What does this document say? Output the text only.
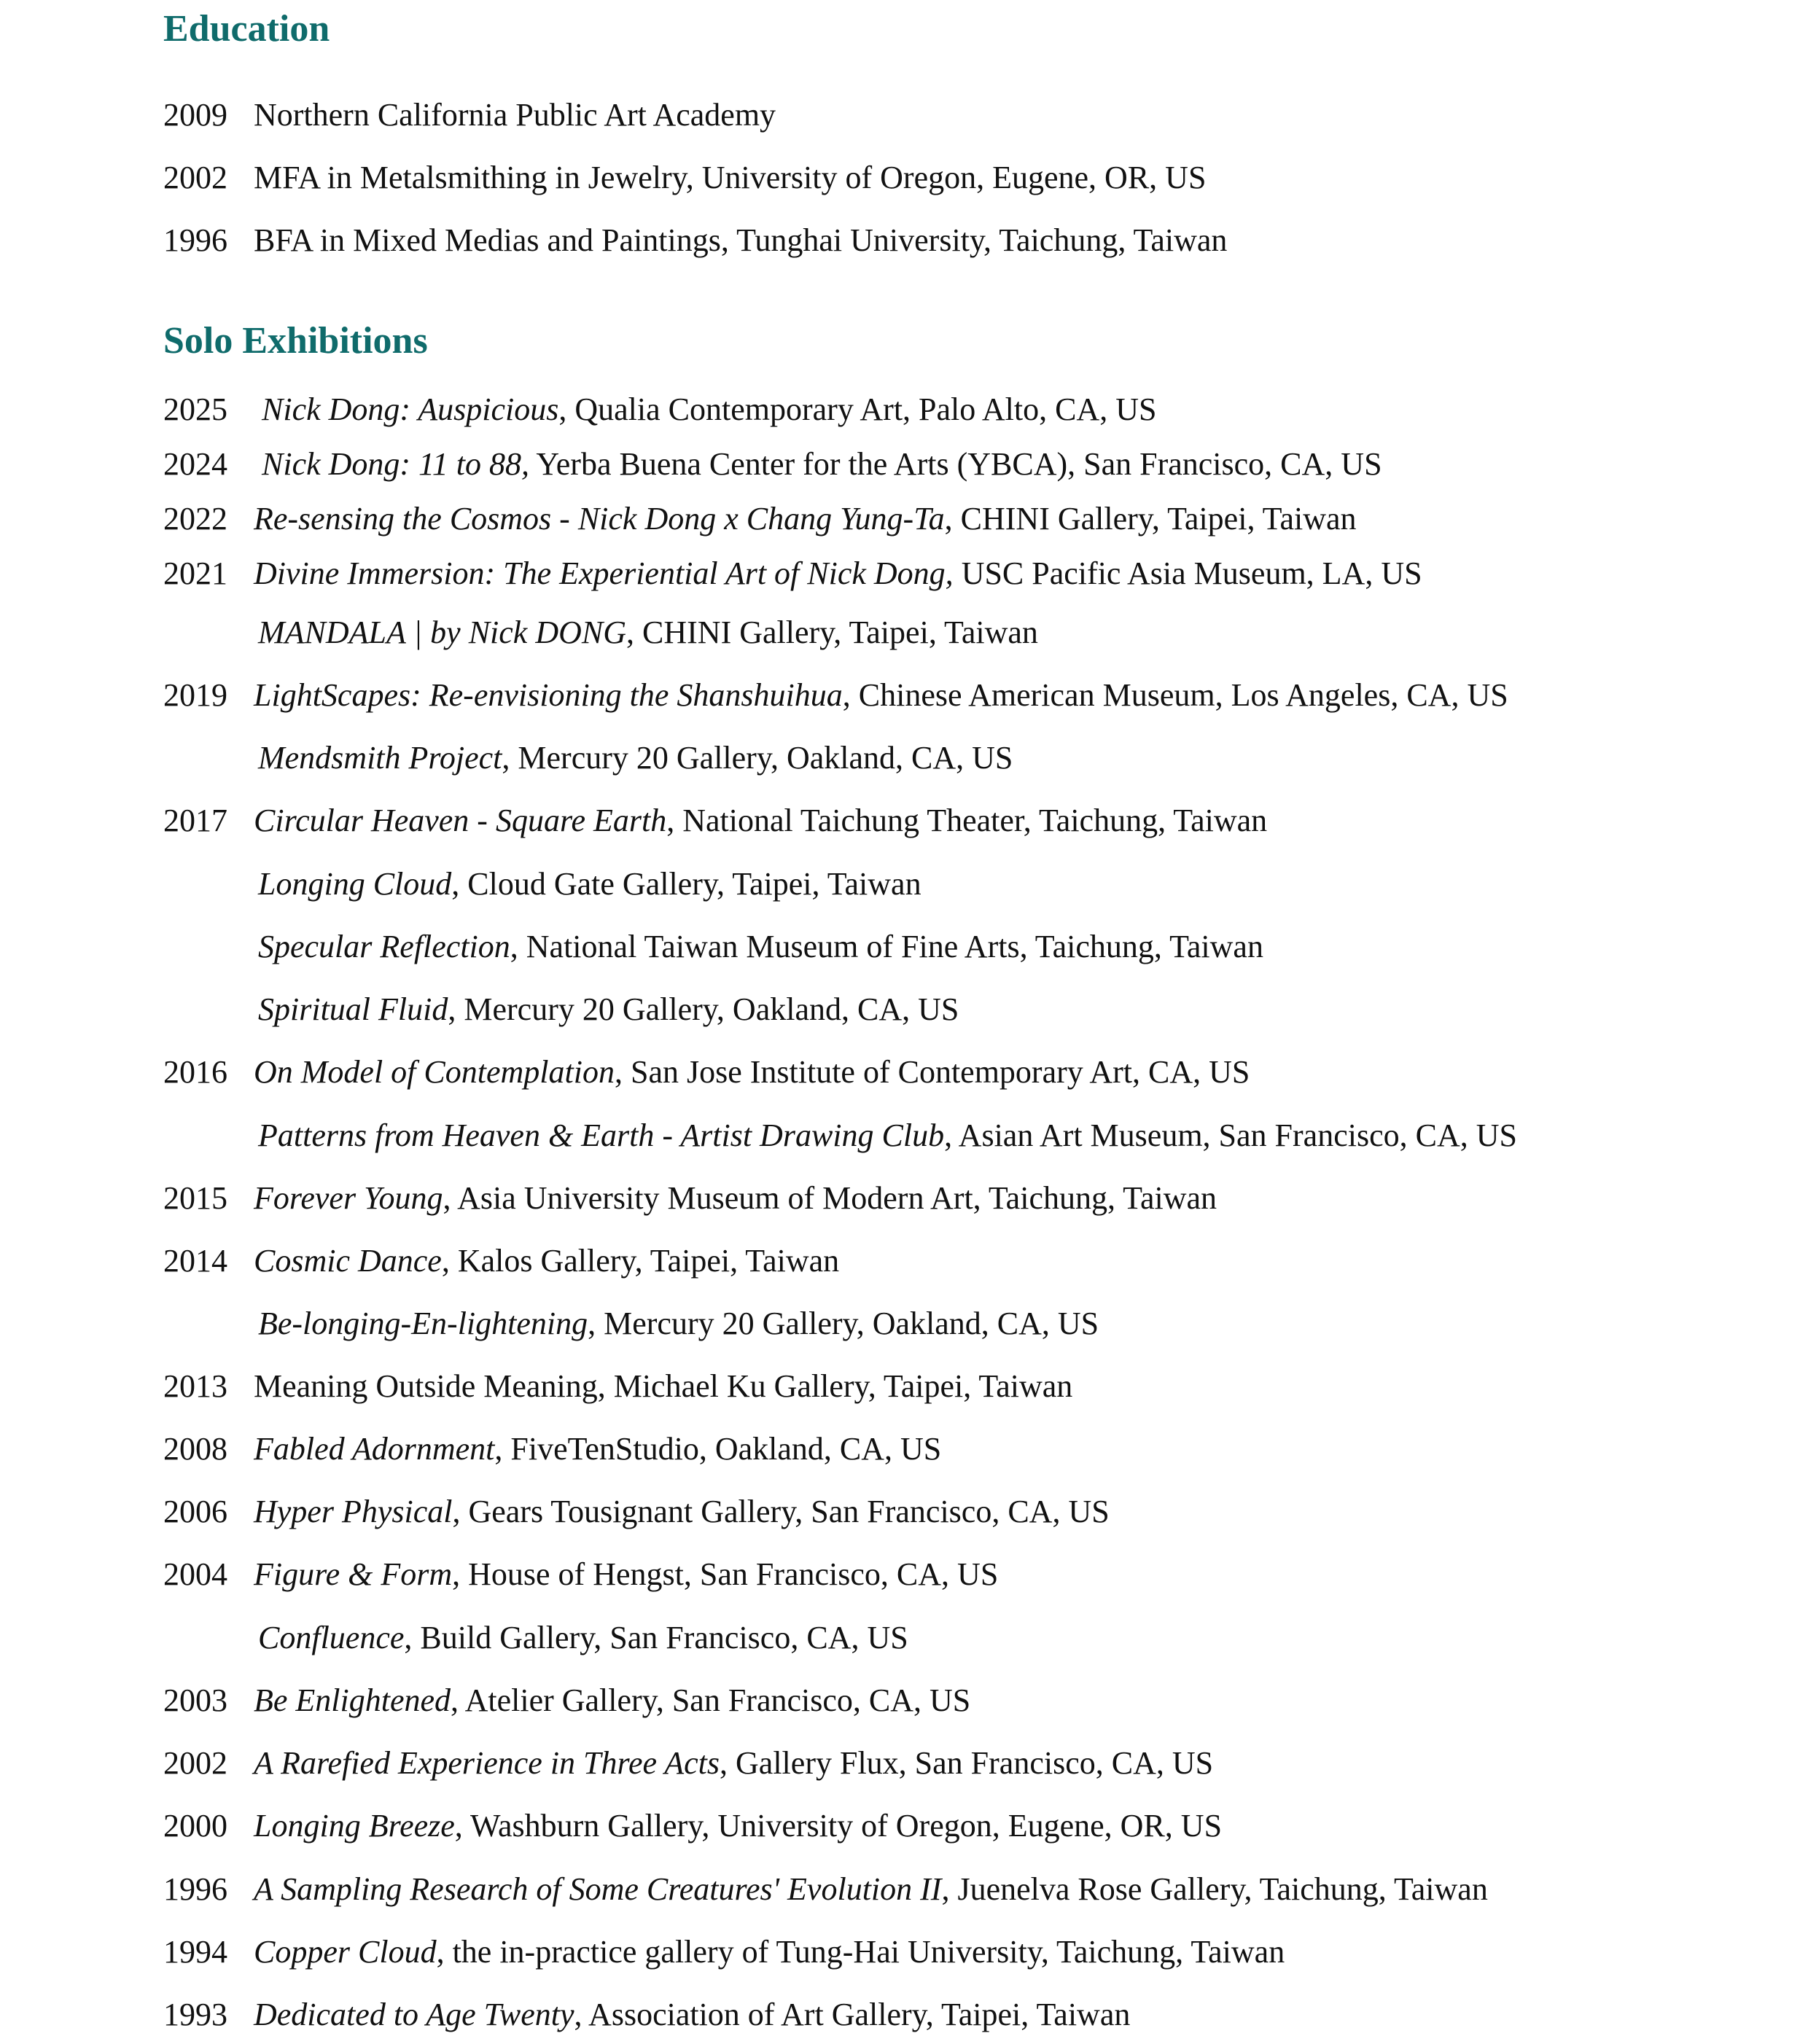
Education
2009 Northern California Public Art Academy
2002 MFA in Metalsmithing in Jewelry, University of Oregon, Eugene, OR, US
1996 BFA in Mixed Medias and Paintings, Tunghai University, Taichung, Taiwan
Solo Exhibitions
2025 Nick Dong: Auspicious, Qualia Contemporary Art, Palo Alto, CA, US
2024 Nick Dong: 11 to 88, Yerba Buena Center for the Arts (YBCA), San Francisco, CA, US
2022 Re-sensing the Cosmos - Nick Dong x Chang Yung-Ta, CHINI Gallery, Taipei, Taiwan
2021 Divine Immersion: The Experiential Art of Nick Dong, USC Pacific Asia Museum, LA, US
MANDALA | by Nick DONG, CHINI Gallery, Taipei, Taiwan
2019 LightScapes: Re-envisioning the Shanshuihua, Chinese American Museum, Los Angeles, CA, US
Mendsmith Project, Mercury 20 Gallery, Oakland, CA, US
2017 Circular Heaven - Square Earth, National Taichung Theater, Taichung, Taiwan
Longing Cloud, Cloud Gate Gallery, Taipei, Taiwan
Specular Reflection, National Taiwan Museum of Fine Arts, Taichung, Taiwan
Spiritual Fluid, Mercury 20 Gallery, Oakland, CA, US
2016 On Model of Contemplation, San Jose Institute of Contemporary Art, CA, US
Patterns from Heaven & Earth - Artist Drawing Club, Asian Art Museum, San Francisco, CA, US
2015 Forever Young, Asia University Museum of Modern Art, Taichung, Taiwan
2014 Cosmic Dance, Kalos Gallery, Taipei, Taiwan
Be-longing-En-lightening, Mercury 20 Gallery, Oakland, CA, US
2013 Meaning Outside Meaning, Michael Ku Gallery, Taipei, Taiwan
2008 Fabled Adornment, FiveTenStudio, Oakland, CA, US
2006 Hyper Physical, Gears Tousignant Gallery, San Francisco, CA, US
2004 Figure & Form, House of Hengst, San Francisco, CA, US
Confluence, Build Gallery, San Francisco, CA, US
2003 Be Enlightened, Atelier Gallery, San Francisco, CA, US
2002 A Rarefied Experience in Three Acts, Gallery Flux, San Francisco, CA, US
2000 Longing Breeze, Washburn Gallery, University of Oregon, Eugene, OR, US
1996 A Sampling Research of Some Creatures' Evolution II, Juenelva Rose Gallery, Taichung, Taiwan
1994 Copper Cloud, the in-practice gallery of Tung-Hai University, Taichung, Taiwan
1993 Dedicated to Age Twenty, Association of Art Gallery, Taipei, Taiwan
